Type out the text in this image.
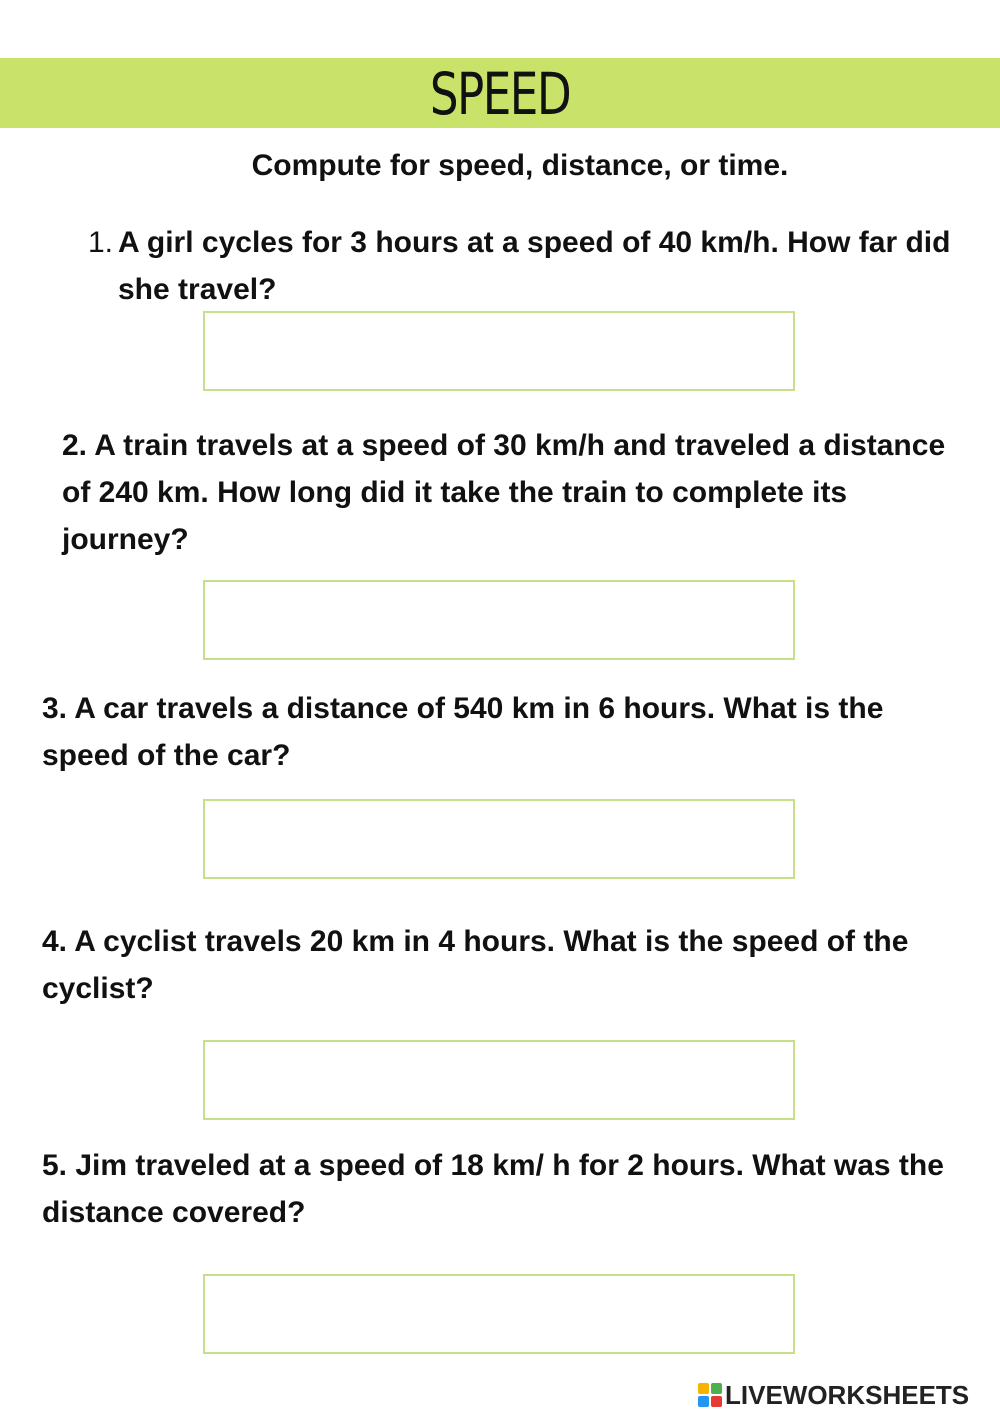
SPEED
Compute for speed, distance, or time.
1. A girl cycles for 3 hours at a speed of 40 km/h. How far did she travel?
2. A train travels at a speed of 30 km/h and traveled a distance of 240 km. How long did it take the train to complete its journey?
3. A car travels a distance of 540 km in 6 hours. What is the speed of the car?
4. A cyclist travels 20 km in 4 hours. What is the speed of the cyclist?
5. Jim traveled at a speed of 18 km/ h for 2 hours. What was the distance covered?
LIVEWORKSHEETS
